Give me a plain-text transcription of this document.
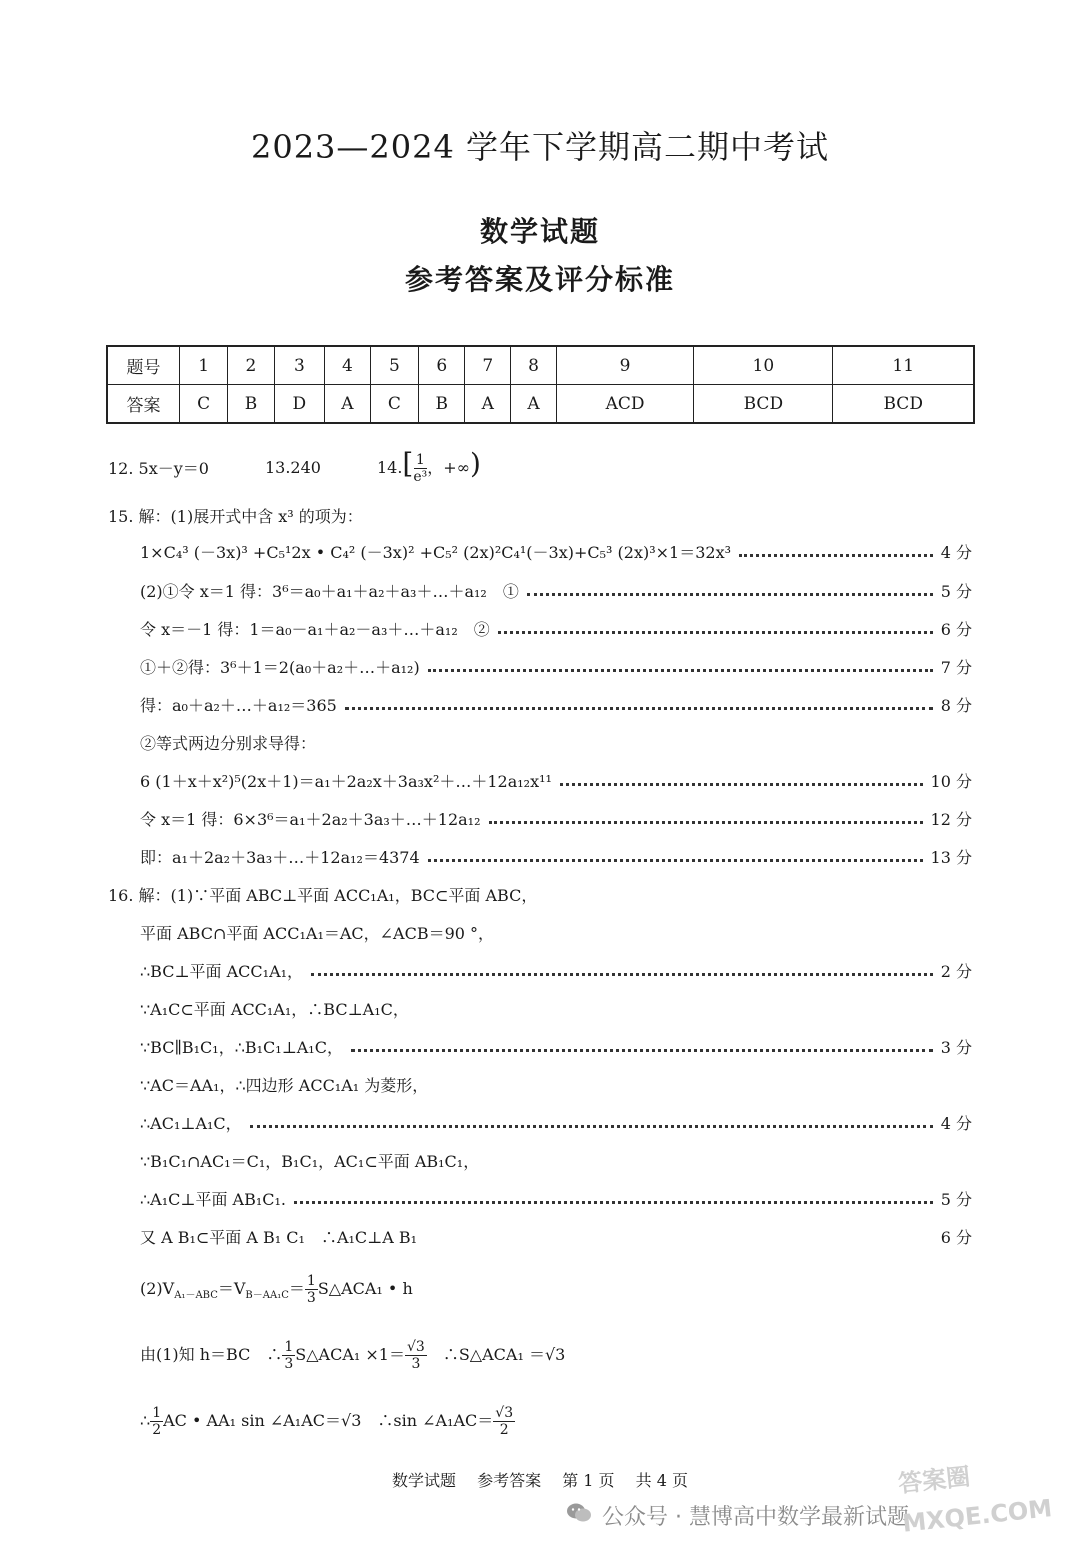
2023—2024 学年下学期高二期中考试
数学试题
参考答案及评分标准
题号	1	2	3	4	5	6	7	8	9	10	11
答案	C	B	D	A	C	B	A	A	ACD	BCD	BCD
12. 5x－y＝0	13.240	$14.[ \frac{1}{\text{e³}}$ ，+∞)
15. 解：(1)展开式中含 x³ 的项为：
1×C₄³ (－3x)³ +C₅¹2x • C₄² (－3x)² +C₅² (2x)²C₄¹(－3x)+C₅³ (2x)³×1＝32x³	4 分
(2)①令 x＝1 得：3⁶＝a₀＋a₁＋a₂＋a₃＋…＋a₁₂　①	5 分
令 x＝－1 得：1＝a₀－a₁＋a₂－a₃＋…＋a₁₂　②	6 分
①＋②得：3⁶＋1＝2(a₀＋a₂＋…＋a₁₂)	7 分
得：a₀＋a₂＋…＋a₁₂＝365	8 分
②等式两边分别求导得：
6 (1＋x＋x²)⁵(2x＋1)＝a₁＋2a₂x＋3a₃x²＋…＋12a₁₂x¹¹	10 分
令 x＝1 得：6×3⁶＝a₁＋2a₂＋3a₃＋…＋12a₁₂	12 分
即：a₁＋2a₂＋3a₃＋…＋12a₁₂＝4374	13 分
16. 解：(1)∵平面 ABC⊥平面 ACC₁A₁，BC⊂平面 ABC，
平面 ABC∩平面 ACC₁A₁＝AC，∠ACB＝90 °，
∴BC⊥平面 ACC₁A₁，	2 分
∵A₁C⊂平面 ACC₁A₁，∴BC⊥A₁C，
∵BC∥B₁C₁，∴B₁C₁⊥A₁C，	3 分
∵AC＝AA₁，∴四边形 ACC₁A₁ 为菱形，
∴AC₁⊥A₁C，	4 分
∵B₁C₁∩AC₁＝C₁，B₁C₁，AC₁⊂平面 AB₁C₁，
∴A₁C⊥平面 AB₁C₁.	5 分
又 A B₁⊂平面 A B₁ C₁　∴A₁C⊥A B₁	6 分
$(2)V_{A_1-ABC}=V_{B-AA_1C}= \frac{1}{3}$ S△ACA₁ • h
由(1)知 h＝BC　∴ $\frac{1}{3}$ S△ACA₁ $\times 1= \frac{√3}{3}$ 　∴S△ACA₁ ＝√3
∴ $\frac{1}{2}$ AC • AA₁ sin ∠A₁AC＝√3　∴sin ∠A₁AC＝ $\frac{√3}{2}$
数学试题 参考答案 第 1 页 共 4 页
公众号 · 慧博高中数学最新试题
答案圈 MXQE.COM
